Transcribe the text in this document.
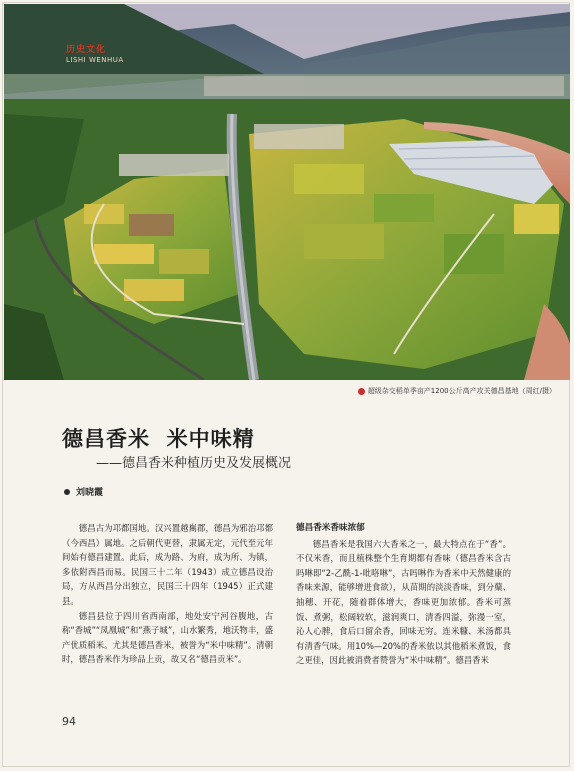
历史文化
LISHI WENHUA
超级杂交稻单季亩产1200公斤高产攻关德昌基地（周红/摄）
德昌香米  米中味精
——德昌香米种植历史及发展概况
刘晓霞

德昌古为邛都国地。汉兴置越嶲郡，德昌为邪治邛都（今西昌）属地。之后朝代更替，隶属无定，元代至元年间始有德昌建置。此后，成为路、为府，成为所、为镇，多依附西昌而易。民国三十二年（1943）成立德昌设治局，方从西昌分出独立，民国三十四年（1945）正式建县。

德昌县位于四川省西南部，地处安宁河谷腹地，古称“香城”“凤凰城”和“燕子城”，山水繁秀，地沃物丰，盛产优质稻米。尤其是德昌香米，被誉为“米中味精”。清朝时，德昌香米作为珍品上贡，故又名“德昌贡米”。

德昌香米香味浓郁

德昌香米是我国六大香米之一，最大特点在于“香”。不仅米香，而且植株整个生育期都有香味（德昌香米含古吗啉即“2-乙酰-1-吡咯啉”，古吗啉作为香米中天然健康的香味来源，能够增进食欲），从苗期的淡淡香味，到分蘖、抽穗、开花，随着群体增大，香味更加浓郁。香米可蒸饭、煮粥，松阔较软，滋润爽口，清香四溢，弥漫一室，沁人心脾，食后口留余香，回味无穷。连米糠、米汤都具有清香气味。用10%—20%的香米依以其他稻米煮饭，食之更佳，因此被消费者赞誉为“米中味精”。德昌香米

94
